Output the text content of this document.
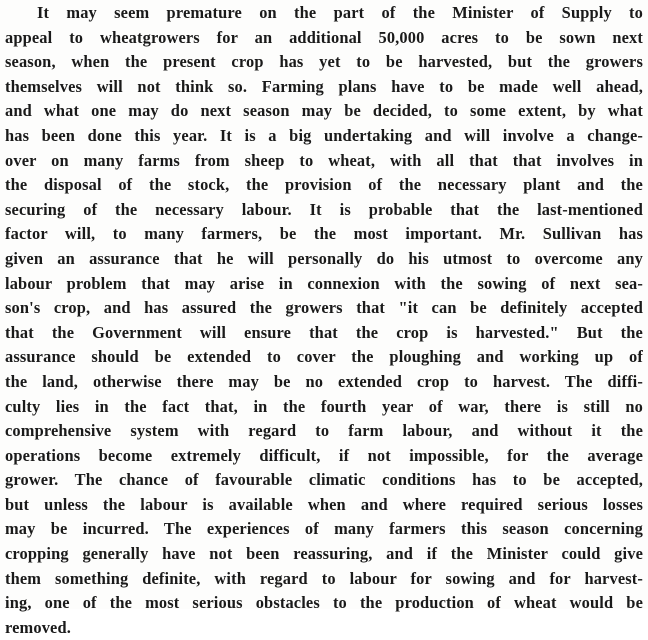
It may seem premature on the part of the Minister of Supply to
appeal to wheatgrowers for an additional 50,000 acres to be sown next
season, when the present crop has yet to be harvested, but the growers
themselves will not think so. Farming plans have to be made well ahead,
and what one may do next season may be decided, to some extent, by what
has been done this year. It is a big undertaking and will involve a change-
over on many farms from sheep to wheat, with all that that involves in
the disposal of the stock, the provision of the necessary plant and the
securing of the necessary labour. It is probable that the last-mentioned
factor will, to many farmers, be the most important. Mr. Sullivan has
given an assurance that he will personally do his utmost to overcome any
labour problem that may arise in connexion with the sowing of next sea-
son's crop, and has assured the growers that "it can be definitely accepted
that the Government will ensure that the crop is harvested." But the
assurance should be extended to cover the ploughing and working up of
the land, otherwise there may be no extended crop to harvest. The diffi-
culty lies in the fact that, in the fourth year of war, there is still no
comprehensive system with regard to farm labour, and without it the
operations become extremely difficult, if not impossible, for the average
grower. The chance of favourable climatic conditions has to be accepted,
but unless the labour is available when and where required serious losses
may be incurred. The experiences of many farmers this season concerning
cropping generally have not been reassuring, and if the Minister could give
them something definite, with regard to labour for sowing and for harvest-
ing, one of the most serious obstacles to the production of wheat would be
removed.
